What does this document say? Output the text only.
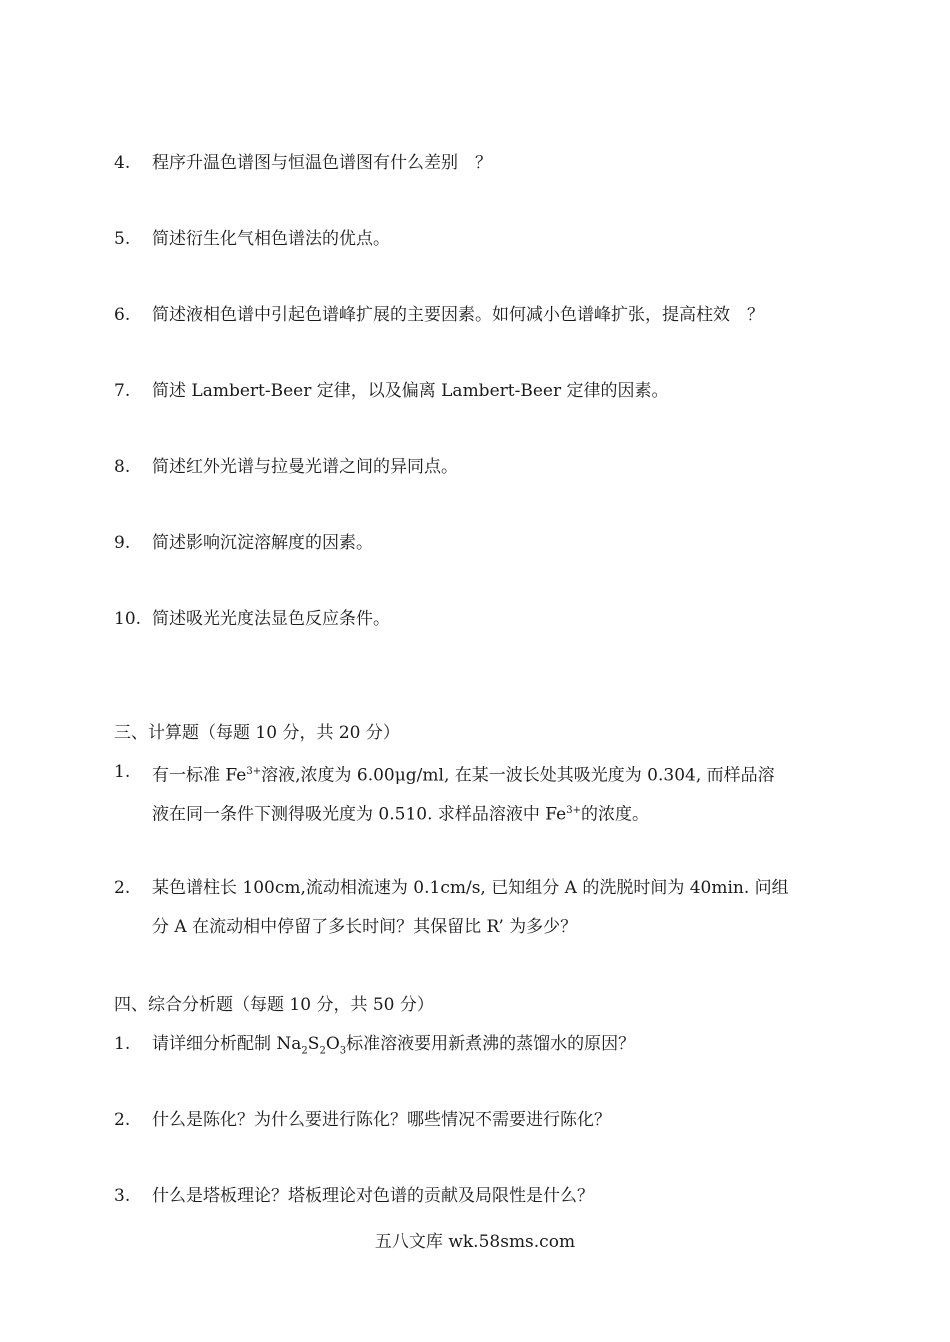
4. 程序升温色谱图与恒温色谱图有什么差别　？
5. 简述衍生化气相色谱法的优点。
6. 简述液相色谱中引起色谱峰扩展的主要因素。如何减小色谱峰扩张，提高柱效　？
7. 简述 Lambert-Beer 定律，以及偏离 Lambert-Beer 定律的因素。
8. 简述红外光谱与拉曼光谱之间的异同点。
9. 简述影响沉淀溶解度的因素。
10. 简述吸光光度法显色反应条件。
三、计算题（每题 10 分，共 20 分）
1. 有一标准 $Fe^{3+}$溶液,浓度为 6.00μg/ml, 在某一波长处其吸光度为 0.304, 而样品溶
液在同一条件下测得吸光度为 0.510. 求样品溶液中 $Fe^{3+}$的浓度。
2. 某色谱柱长 100cm,流动相流速为 0.1cm/s, 已知组分 A 的洗脱时间为 40min. 问组
分 A 在流动相中停留了多长时间？其保留比 R’ 为多少？
四、综合分析题（每题 10 分，共 50 分）
1. 请详细分析配制 $Na_2S_2O_3$标准溶液要用新煮沸的蒸馏水的原因？
2. 什么是陈化？为什么要进行陈化？哪些情况不需要进行陈化？
3. 什么是塔板理论？塔板理论对色谱的贡献及局限性是什么？
五八文库 wk.58sms.com
